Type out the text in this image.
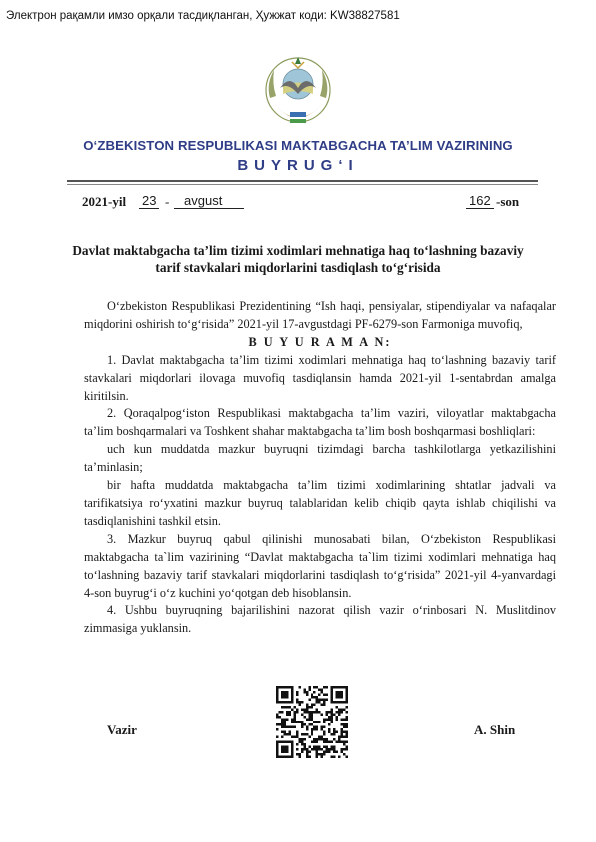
Электрон рақамли имзо орқали тасдиқланган, Ҳужжат коди: KW38827581
O‘ZBEKISTON RESPUBLIKASI MAKTABGACHA TA’LIM VAZIRINING
BUYRUG‘I
2021-yil 23 -	avgust	162 -son
Davlat maktabgacha ta’lim tizimi xodimlari mehnatiga haq to‘lashning bazaviy
tarif stavkalari miqdorlarini tasdiqlash to‘g‘risida

O‘zbekiston Respublikasi Prezidentining “Ish haqi, pensiyalar, stipendiyalar va nafaqalar miqdorini oshirish to‘g‘risida” 2021-yil 17-avgustdagi PF-6279-son Farmoniga muvofiq,

B U Y U R A M A N:

1. Davlat maktabgacha ta’lim tizimi xodimlari mehnatiga haq to‘lashning bazaviy tarif stavkalari miqdorlari ilovaga muvofiq tasdiqlansin hamda 2021-yil 1-sentabrdan amalga kiritilsin.

2. Qoraqalpog‘iston Respublikasi maktabgacha ta’lim vaziri, viloyatlar maktabgacha ta’lim boshqarmalari va Toshkent shahar maktabgacha ta’lim bosh boshqarmasi boshliqlari:

uch kun muddatda mazkur buyruqni tizimdagi barcha tashkilotlarga yetkazilishini ta’minlasin;

bir hafta muddatda maktabgacha ta’lim tizimi xodimlarining shtatlar jadvali va tarifikatsiya ro‘yxatini mazkur buyruq talablaridan kelib chiqib qayta ishlab chiqilishi va tasdiqlanishini tashkil etsin.

3. Mazkur buyruq qabul qilinishi munosabati bilan, O‘zbekiston Respublikasi maktabgacha ta`lim vazirining “Davlat maktabgacha ta`lim tizimi xodimlari mehnatiga haq to‘lashning bazaviy tarif stavkalari miqdorlarini tasdiqlash to‘g‘risida” 2021-yil 4-yanvardagi 4-son buyrug‘i o‘z kuchini yo‘qotgan deb hisoblansin.

4. Ushbu buyruqning bajarilishini nazorat qilish vazir o‘rinbosari N. Muslitdinov zimmasiga yuklansin.

Vazir	A. Shin
